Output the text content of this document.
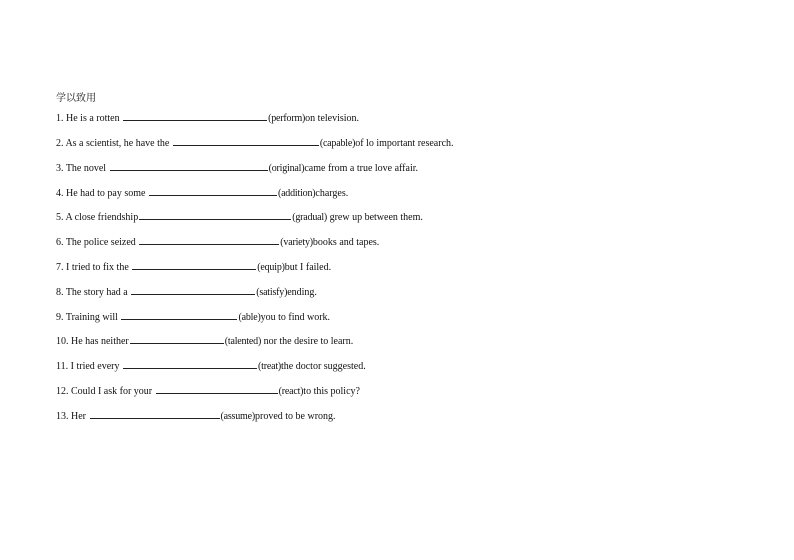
学以致用
1. He is a rotten	(perform)on television.
2. As a scientist, he have the	(capable)of lo important research.
3. The novel	(original)came from a true love affair.
4. He had to pay some	(addition)charges.
5. A close friendship	(gradual) grew up between them.
6. The police seized	(variety)books and tapes.
7. I tried to fix the	(equip)but I failed.
8. The story had a	(satisfy)ending.
9. Training will	(able)you to find work.
10. He has neither	(talented) nor the desire to learn.
11. I tried every	(treat)the doctor suggested.
12. Could I ask for your	(react)to this policy?
13. Her	(assume)proved to be wrong.
